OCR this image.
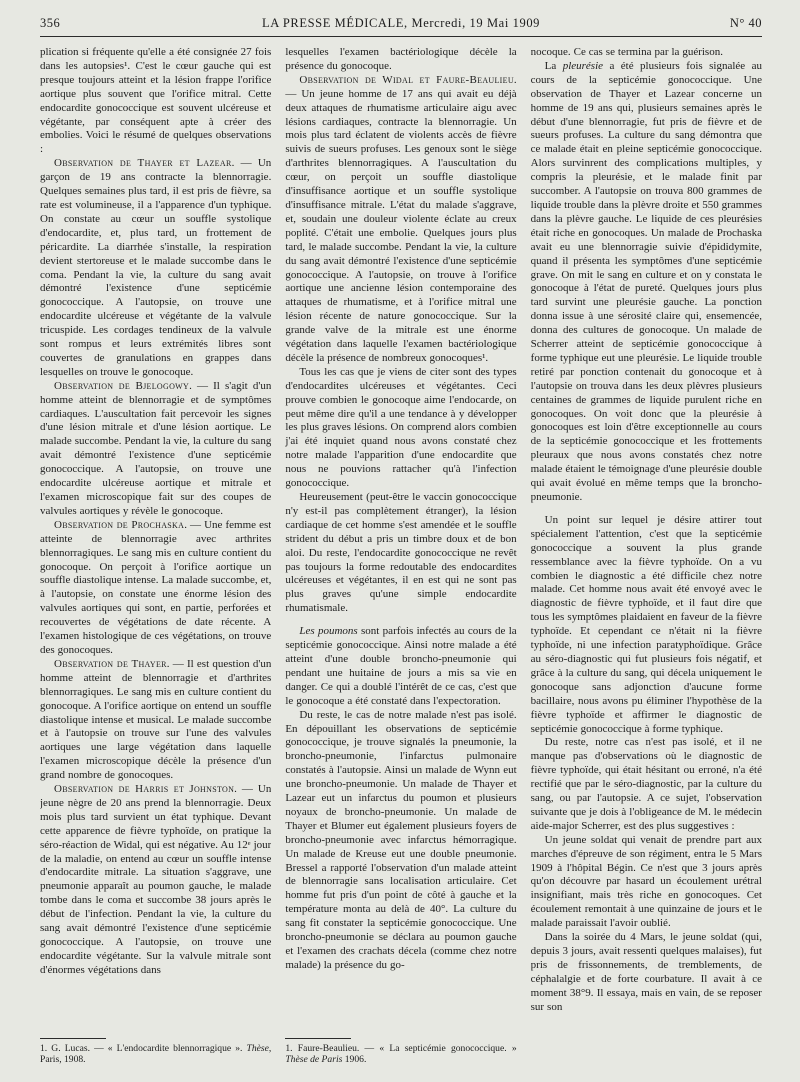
356	LA PRESSE MÉDICALE, Mercredi, 19 Mai 1909	N° 40

plication si fréquente qu'elle a été consignée 27 fois dans les autopsies¹. C'est le cœur gauche qui est presque toujours atteint et la lésion frappe l'orifice aortique plus souvent que l'orifice mitral. Cette endocardite gonococcique est souvent ulcéreuse et végétante, par conséquent apte à créer des embolies. Voici le résumé de quelques observations :

Observation de Thayer et Lazear. — Un garçon de 19 ans contracte la blennorragie. Quelques semaines plus tard, il est pris de fièvre, sa rate est volumineuse, il a l'apparence d'un typhique. On constate au cœur un souffle systolique d'endocardite, et, plus tard, un frottement de péricardite. La diarrhée s'installe, la respiration devient stertoreuse et le malade succombe dans le coma. Pendant la vie, la culture du sang avait démontré l'existence d'une septicémie gonococcique. A l'autopsie, on trouve une endocardite ulcéreuse et végétante de la valvule tricuspide. Les cordages tendineux de la valvule sont rompus et leurs extrémités libres sont couvertes de granulations en grappes dans lesquelles on trouve le gonocoque.

Observation de Bjelogowy. — Il s'agit d'un homme atteint de blennorragie et de symptômes cardiaques. L'auscultation fait percevoir les signes d'une lésion mitrale et d'une lésion aortique. Le malade succombe. Pendant la vie, la culture du sang avait démontré l'existence d'une septicémie gonococcique. A l'autopsie, on trouve une endocardite ulcéreuse aortique et mitrale et l'examen microscopique fait sur des coupes de valvules aortiques y révèle le gonocoque.

Observation de Prochaska. — Une femme est atteinte de blennorragie avec arthrites blennorragiques. Le sang mis en culture contient du gonocoque. On perçoit à l'orifice aortique un souffle diastolique intense. La malade succombe, et, à l'autopsie, on constate une énorme lésion des valvules aortiques qui sont, en partie, perforées et recouvertes de végétations de date récente. A l'examen histologique de ces végétations, on trouve des gonocoques.

Observation de Thayer. — Il est question d'un homme atteint de blennorragie et d'arthrites blennorragiques. Le sang mis en culture contient du gonocoque. A l'orifice aortique on entend un souffle diastolique intense et musical. Le malade succombe et à l'autopsie on trouve sur l'une des valvules aortiques une large végétation dans laquelle l'examen microscopique décèle la présence d'un grand nombre de gonocoques.

Observation de Harris et Johnston. — Un jeune nègre de 20 ans prend la blennorragie. Deux mois plus tard survient un état typhique. Devant cette apparence de fièvre typhoïde, on pratique la séro-réaction de Widal, qui est négative. Au 12ᵉ jour de la maladie, on entend au cœur un souffle intense d'endocardite mitrale. La situation s'aggrave, une pneumonie apparaît au poumon gauche, le malade tombe dans le coma et succombe 38 jours après le début de l'infection. Pendant la vie, la culture du sang avait démontré l'existence d'une septicémie gonococcique. A l'autopsie, on trouve une endocardite végétante. Sur la valvule mitrale sont d'énormes végétations dans

1. G. Lucas. — « L'endocardite blennorragique ». Thèse, Paris, 1908.

lesquelles l'examen bactériologique décèle la présence du gonocoque.

Observation de Widal et Faure-Beaulieu. — Un jeune homme de 17 ans qui avait eu déjà deux attaques de rhumatisme articulaire aigu avec lésions cardiaques, contracte la blennorragie. Un mois plus tard éclatent de violents accès de fièvre suivis de sueurs profuses. Les genoux sont le siège d'arthrites blennorragiques. A l'auscultation du cœur, on perçoit un souffle diastolique d'insuffisance aortique et un souffle systolique d'insuffisance mitrale. L'état du malade s'aggrave, et, soudain une douleur violente éclate au creux poplité. C'était une embolie. Quelques jours plus tard, le malade succombe. Pendant la vie, la culture du sang avait démontré l'existence d'une septicémie gonococcique. A l'autopsie, on trouve à l'orifice aortique une ancienne lésion contemporaine des attaques de rhumatisme, et à l'orifice mitral une lésion récente de nature gonococcique. Sur la grande valve de la mitrale est une énorme végétation dans laquelle l'examen bactériologique décèle la présence de nombreux gonocoques¹.

Tous les cas que je viens de citer sont des types d'endocardites ulcéreuses et végétantes. Ceci prouve combien le gonocoque aime l'endocarde, on peut même dire qu'il a une tendance à y développer les plus graves lésions. On comprend alors combien j'ai été inquiet quand nous avons constaté chez notre malade l'apparition d'une endocardite que nous ne pouvions rattacher qu'à l'infection gonococcique.

Heureusement (peut-être le vaccin gonococcique n'y est-il pas complètement étranger), la lésion cardiaque de cet homme s'est amendée et le souffle strident du début a pris un timbre doux et de bon aloi. Du reste, l'endocardite gonococcique ne revêt pas toujours la forme redoutable des endocardites ulcéreuses et végétantes, il en est qui ne sont pas plus graves qu'une simple endocardite rhumatismale.

Les poumons sont parfois infectés au cours de la septicémie gonococcique. Ainsi notre malade a été atteint d'une double broncho-pneumonie qui pendant une huitaine de jours a mis sa vie en danger. Ce qui a doublé l'intérêt de ce cas, c'est que le gonocoque a été constaté dans l'expectoration.

Du reste, le cas de notre malade n'est pas isolé. En dépouillant les observations de septicémie gonococcique, je trouve signalés la pneumonie, la broncho-pneumonie, l'infarctus pulmonaire constatés à l'autopsie. Ainsi un malade de Wynn eut une broncho-pneumonie. Un malade de Thayer et Lazear eut un infarctus du poumon et plusieurs noyaux de broncho-pneumonie. Un malade de Thayer et Blumer eut également plusieurs foyers de broncho-pneumonie avec infarctus hémorragique. Un malade de Kreuse eut une double pneumonie. Bressel a rapporté l'observation d'un malade atteint de blennorragie sans localisation articulaire. Cet homme fut pris d'un point de côté à gauche et la température monta au delà de 40°. La culture du sang fit constater la septicémie gonococcique. Une broncho-pneumonie se déclara au poumon gauche et l'examen des crachats décela (comme chez notre malade) la présence du go-

1. Faure-Beaulieu. — « La septicémie gonococcique. » Thèse de Paris 1906.

nocoque. Ce cas se termina par la guérison.

La pleurésie a été plusieurs fois signalée au cours de la septicémie gonococcique. Une observation de Thayer et Lazear concerne un homme de 19 ans qui, plusieurs semaines après le début d'une blennorragie, fut pris de fièvre et de sueurs profuses. La culture du sang démontra que ce malade était en pleine septicémie gonococcique. Alors survinrent des complications multiples, y compris la pleurésie, et le malade finit par succomber. A l'autopsie on trouva 800 grammes de liquide trouble dans la plèvre droite et 550 grammes dans la plèvre gauche. Le liquide de ces pleurésies était riche en gonocoques. Un malade de Prochaska avait eu une blennorragie suivie d'épididymite, quand il présenta les symptômes d'une septicémie grave. On mit le sang en culture et on y constata le gonocoque à l'état de pureté. Quelques jours plus tard survint une pleurésie gauche. La ponction donna issue à une sérosité claire qui, ensemencée, donna des cultures de gonocoque. Un malade de Scherrer atteint de septicémie gonococcique à forme typhique eut une pleurésie. Le liquide trouble retiré par ponction contenait du gonocoque et à l'autopsie on trouva dans les deux plèvres plusieurs centaines de grammes de liquide purulent riche en gonocoques. On voit donc que la pleurésie à gonocoques est loin d'être exceptionnelle au cours de la septicémie gonococcique et les frottements pleuraux que nous avons constatés chez notre malade étaient le témoignage d'une pleurésie double qui avait évolué en même temps que la broncho-pneumonie.

Un point sur lequel je désire attirer tout spécialement l'attention, c'est que la septicémie gonococcique a souvent la plus grande ressemblance avec la fièvre typhoïde. On a vu combien le diagnostic a été difficile chez notre malade. Cet homme nous avait été envoyé avec le diagnostic de fièvre typhoïde, et il faut dire que tous les symptômes plaidaient en faveur de la fièvre typhoïde. Et cependant ce n'était ni la fièvre typhoïde, ni une infection paratyphoïdique. Grâce au séro-diagnostic qui fut plusieurs fois négatif, et grâce à la culture du sang, qui décela uniquement le gonocoque sans adjonction d'aucune forme bacillaire, nous avons pu éliminer l'hypothèse de la fièvre typhoïde et affirmer le diagnostic de septicémie gonococcique à forme typhique.

Du reste, notre cas n'est pas isolé, et il ne manque pas d'observations où le diagnostic de fièvre typhoïde, qui était hésitant ou erroné, n'a été rectifié que par le séro-diagnostic, par la culture du sang, ou par l'autopsie. A ce sujet, l'observation suivante que je dois à l'obligeance de M. le médecin aide-major Scherrer, est des plus suggestives :

Un jeune soldat qui venait de prendre part aux marches d'épreuve de son régiment, entra le 5 Mars 1909 à l'hôpital Bégin. Ce n'est que 3 jours après qu'on découvre par hasard un écoulement urétral insignifiant, mais très riche en gonocoques. Cet écoulement remontait à une quinzaine de jours et le malade paraissait l'avoir oublié.

Dans la soirée du 4 Mars, le jeune soldat (qui, depuis 3 jours, avait ressenti quelques malaises), fut pris de frissonnements, de tremblements, de céphalalgie et de forte courbature. Il avait à ce moment 38°9. Il essaya, mais en vain, de se reposer sur son
